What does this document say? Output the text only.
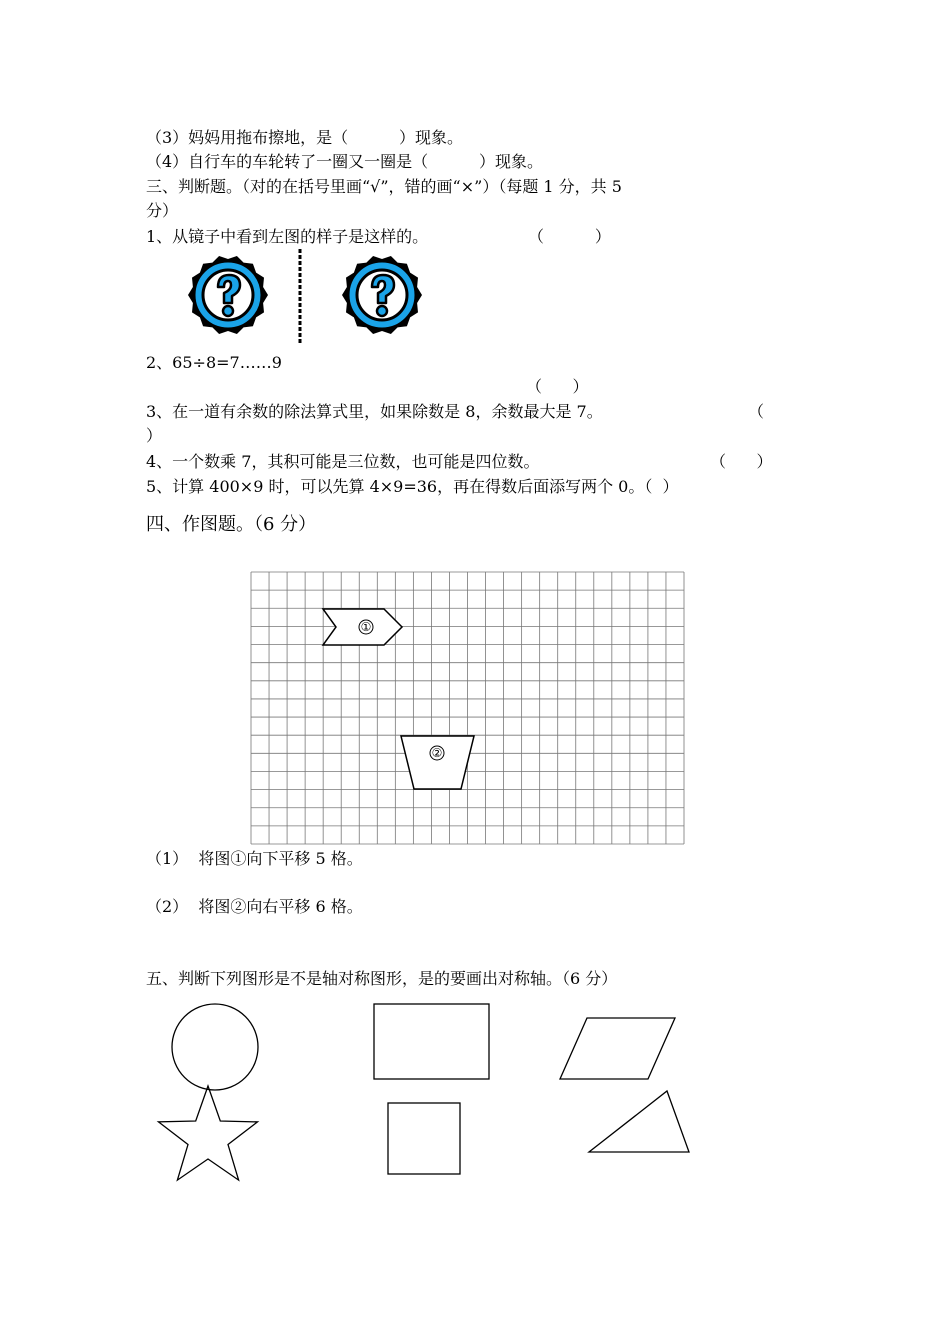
（3）妈妈用拖布擦地，是（          ）现象。

（4）自行车的车轮转了一圈又一圈是（          ）现象。

三、判断题。（对的在括号里画“√”，错的画“×”）（每题 1 分，共 5

分）

1、从镜子中看到左图的样子是这样的。	（          ）

2、65÷8=7……9

（      ）

3、在一道有余数的除法算式里，如果除数是 8，余数最大是 7。	（

）

4、一个数乘 7，其积可能是三位数，也可能是四位数。	（      ）

5、计算 400×9 时，可以先算 4×9=36，再在得数后面添写两个 0。（  ）

四、作图题。（6 分）

①
②

（1）  将图①向下平移 5 格。

（2）  将图②向右平移 6 格。

五、判断下列图形是不是轴对称图形，是的要画出对称轴。（6 分）
